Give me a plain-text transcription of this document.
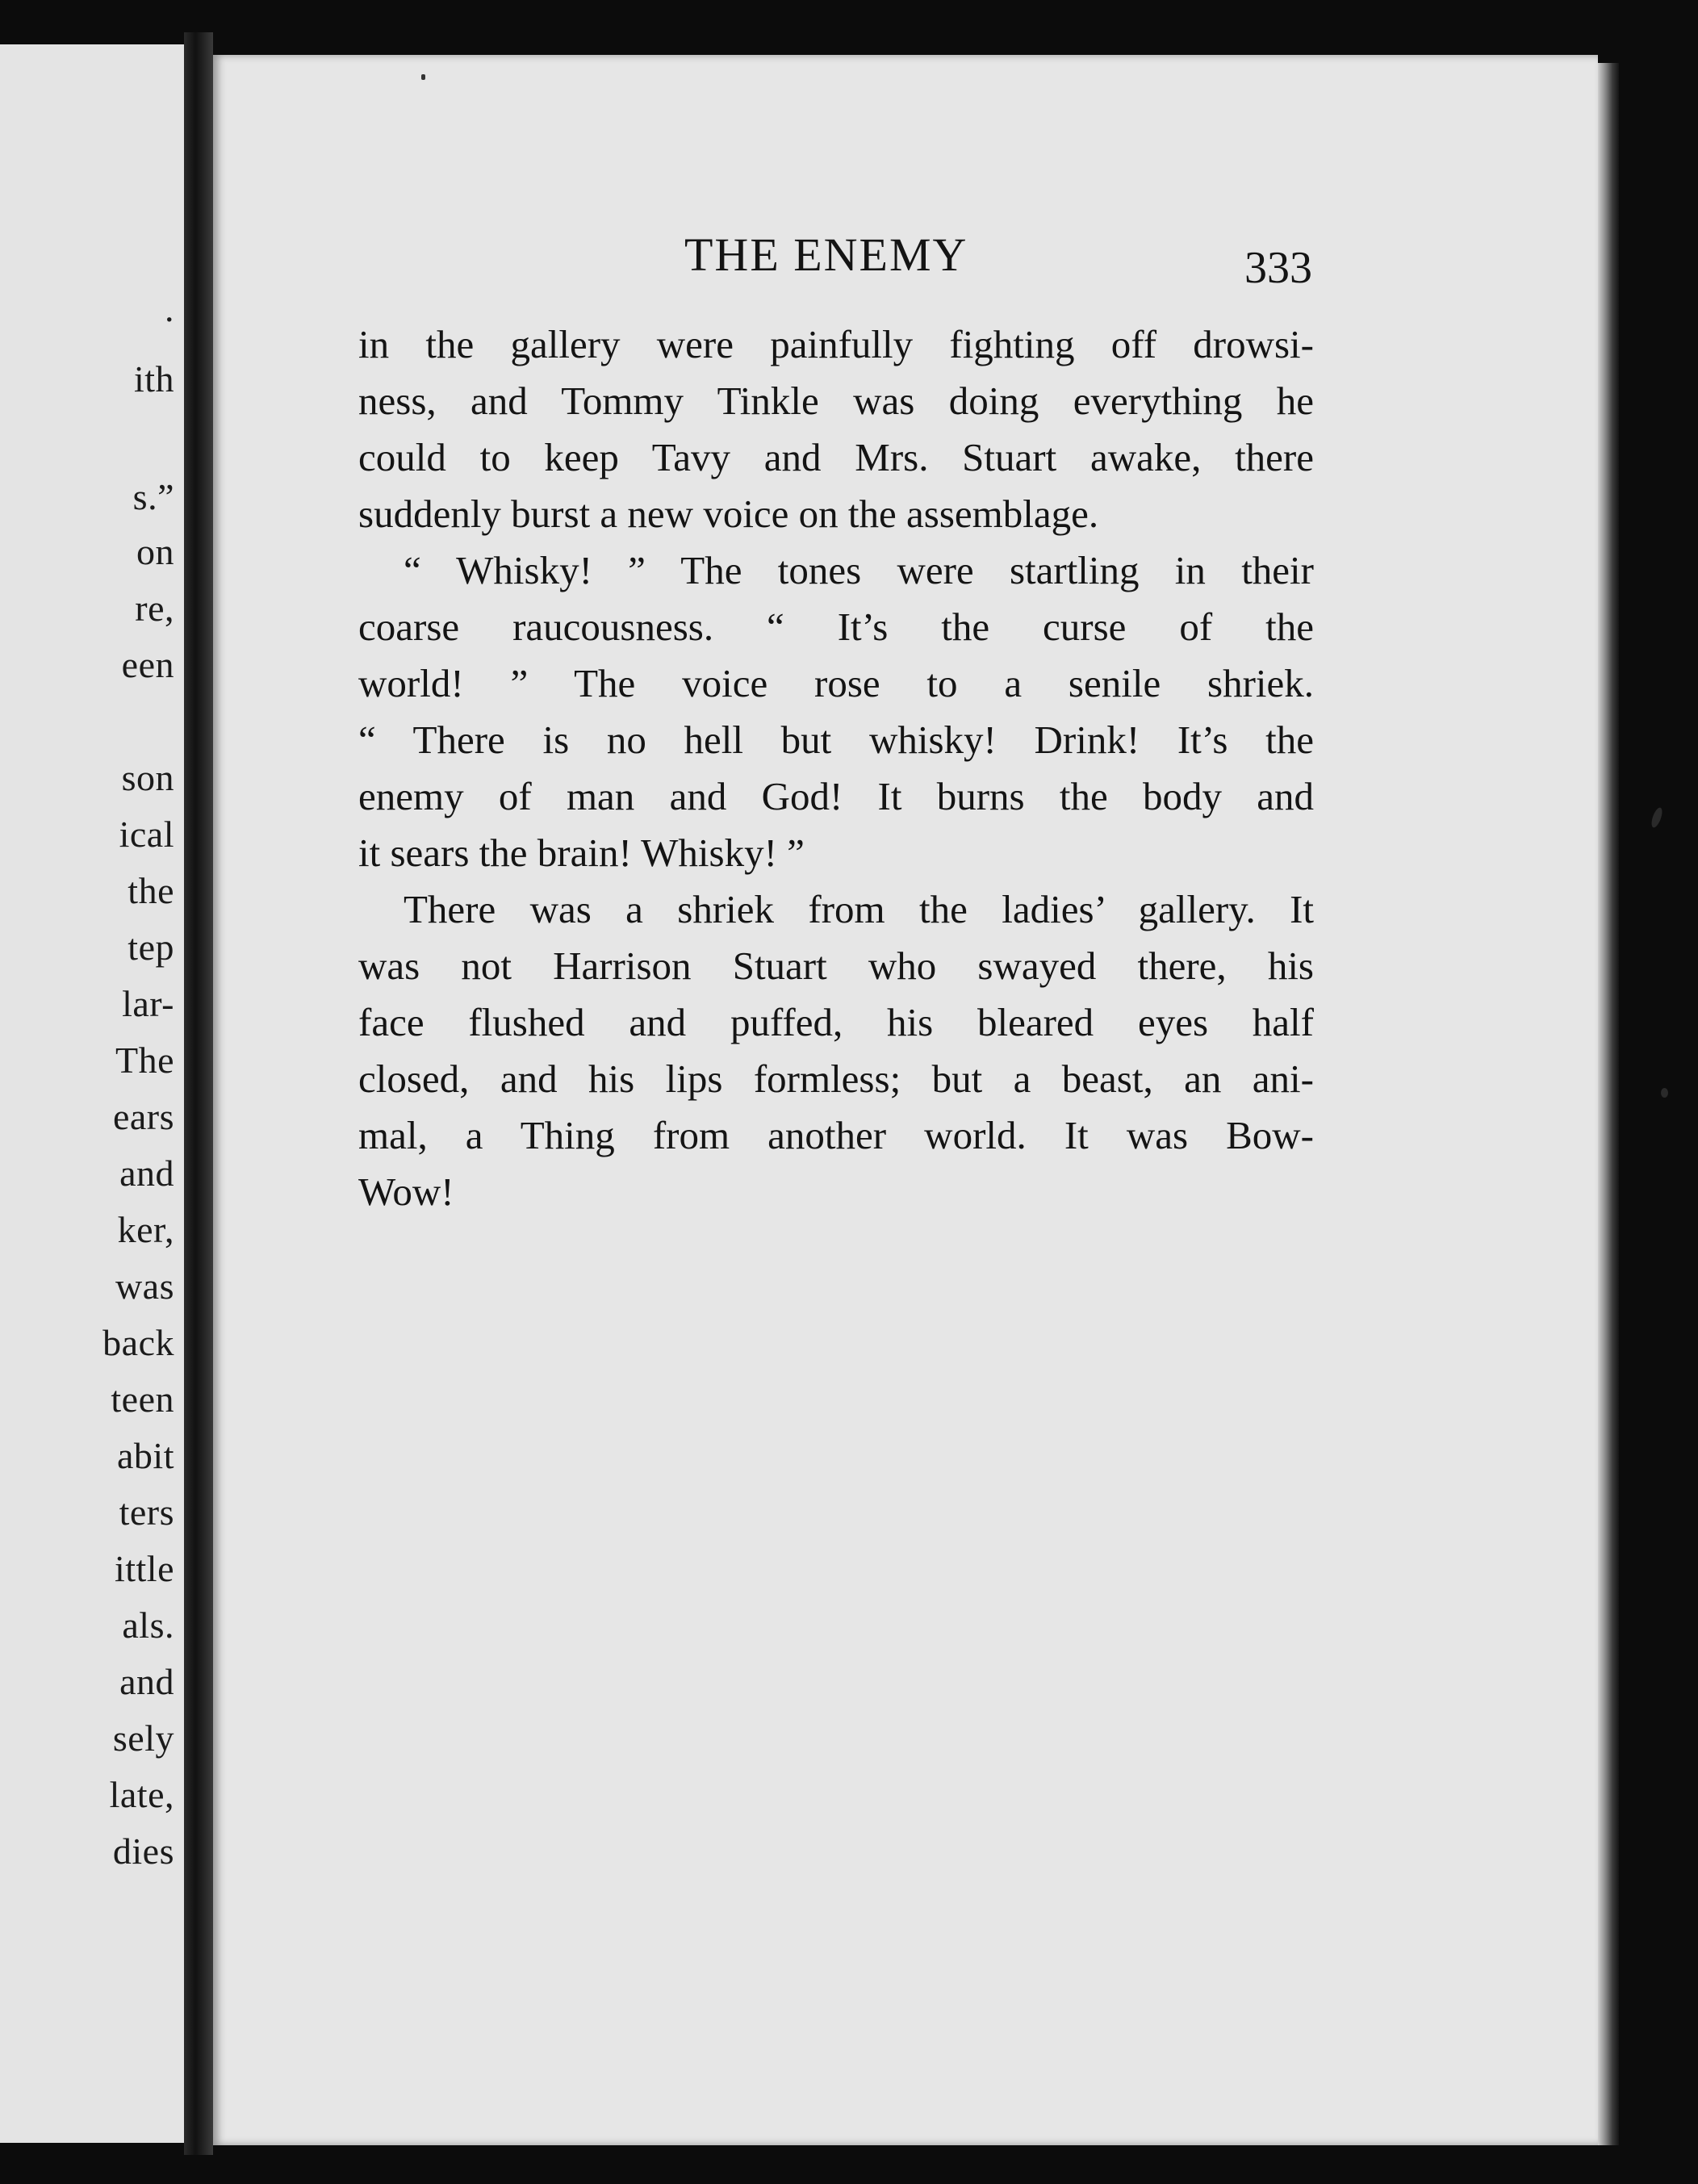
.
ith
s.”
on
re,
een
son
ical
the
tep
lar-
The
ears
and
ker,
was
back
teen
abit
ters
ittle
als.
and
sely
late,
dies
THE ENEMY	333
in the gallery were painfully fighting off drowsi-
ness, and Tommy Tinkle was doing everything he
could to keep Tavy and Mrs. Stuart awake, there
suddenly burst a new voice on the assemblage.
“ Whisky! ” The tones were startling in their
coarse raucousness. “ It’s the curse of the
world! ” The voice rose to a senile shriek.
“ There is no hell but whisky! Drink! It’s the
enemy of man and God! It burns the body and
it sears the brain! Whisky! ”
There was a shriek from the ladies’ gallery. It
was not Harrison Stuart who swayed there, his
face flushed and puffed, his bleared eyes half
closed, and his lips formless; but a beast, an ani-
mal, a Thing from another world. It was Bow-
Wow!
